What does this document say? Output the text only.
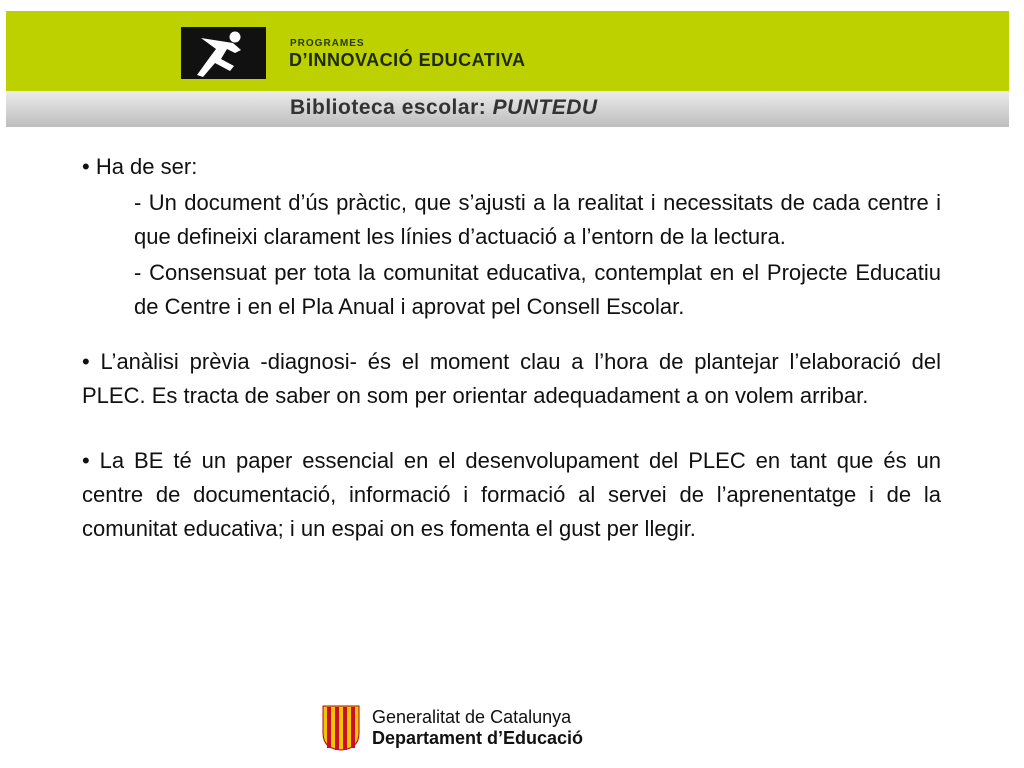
PROGRAMES
D’INNOVACIÓ EDUCATIVA
Biblioteca escolar: PUNTEDU

• Ha de ser:

- Un document d’ús pràctic, que s’ajusti a la realitat i necessitats de cada centre i que defineixi clarament les línies d’actuació a l’entorn de la lectura.

- Consensuat per tota la comunitat educativa, contemplat en el Projecte Educatiu de Centre i en el Pla Anual i aprovat pel Consell Escolar.

• L’anàlisi prèvia -diagnosi- és el moment clau a l’hora de plantejar l’elaboració del PLEC. Es tracta de saber on som per orientar adequadament a on volem arribar.

• La BE té un paper essencial en el desenvolupament del PLEC en tant que és un centre de documentació, informació i formació al servei de l’aprenentatge i de la comunitat educativa; i un espai on es fomenta el gust per llegir.

Generalitat de Catalunya
Departament d’Educació
